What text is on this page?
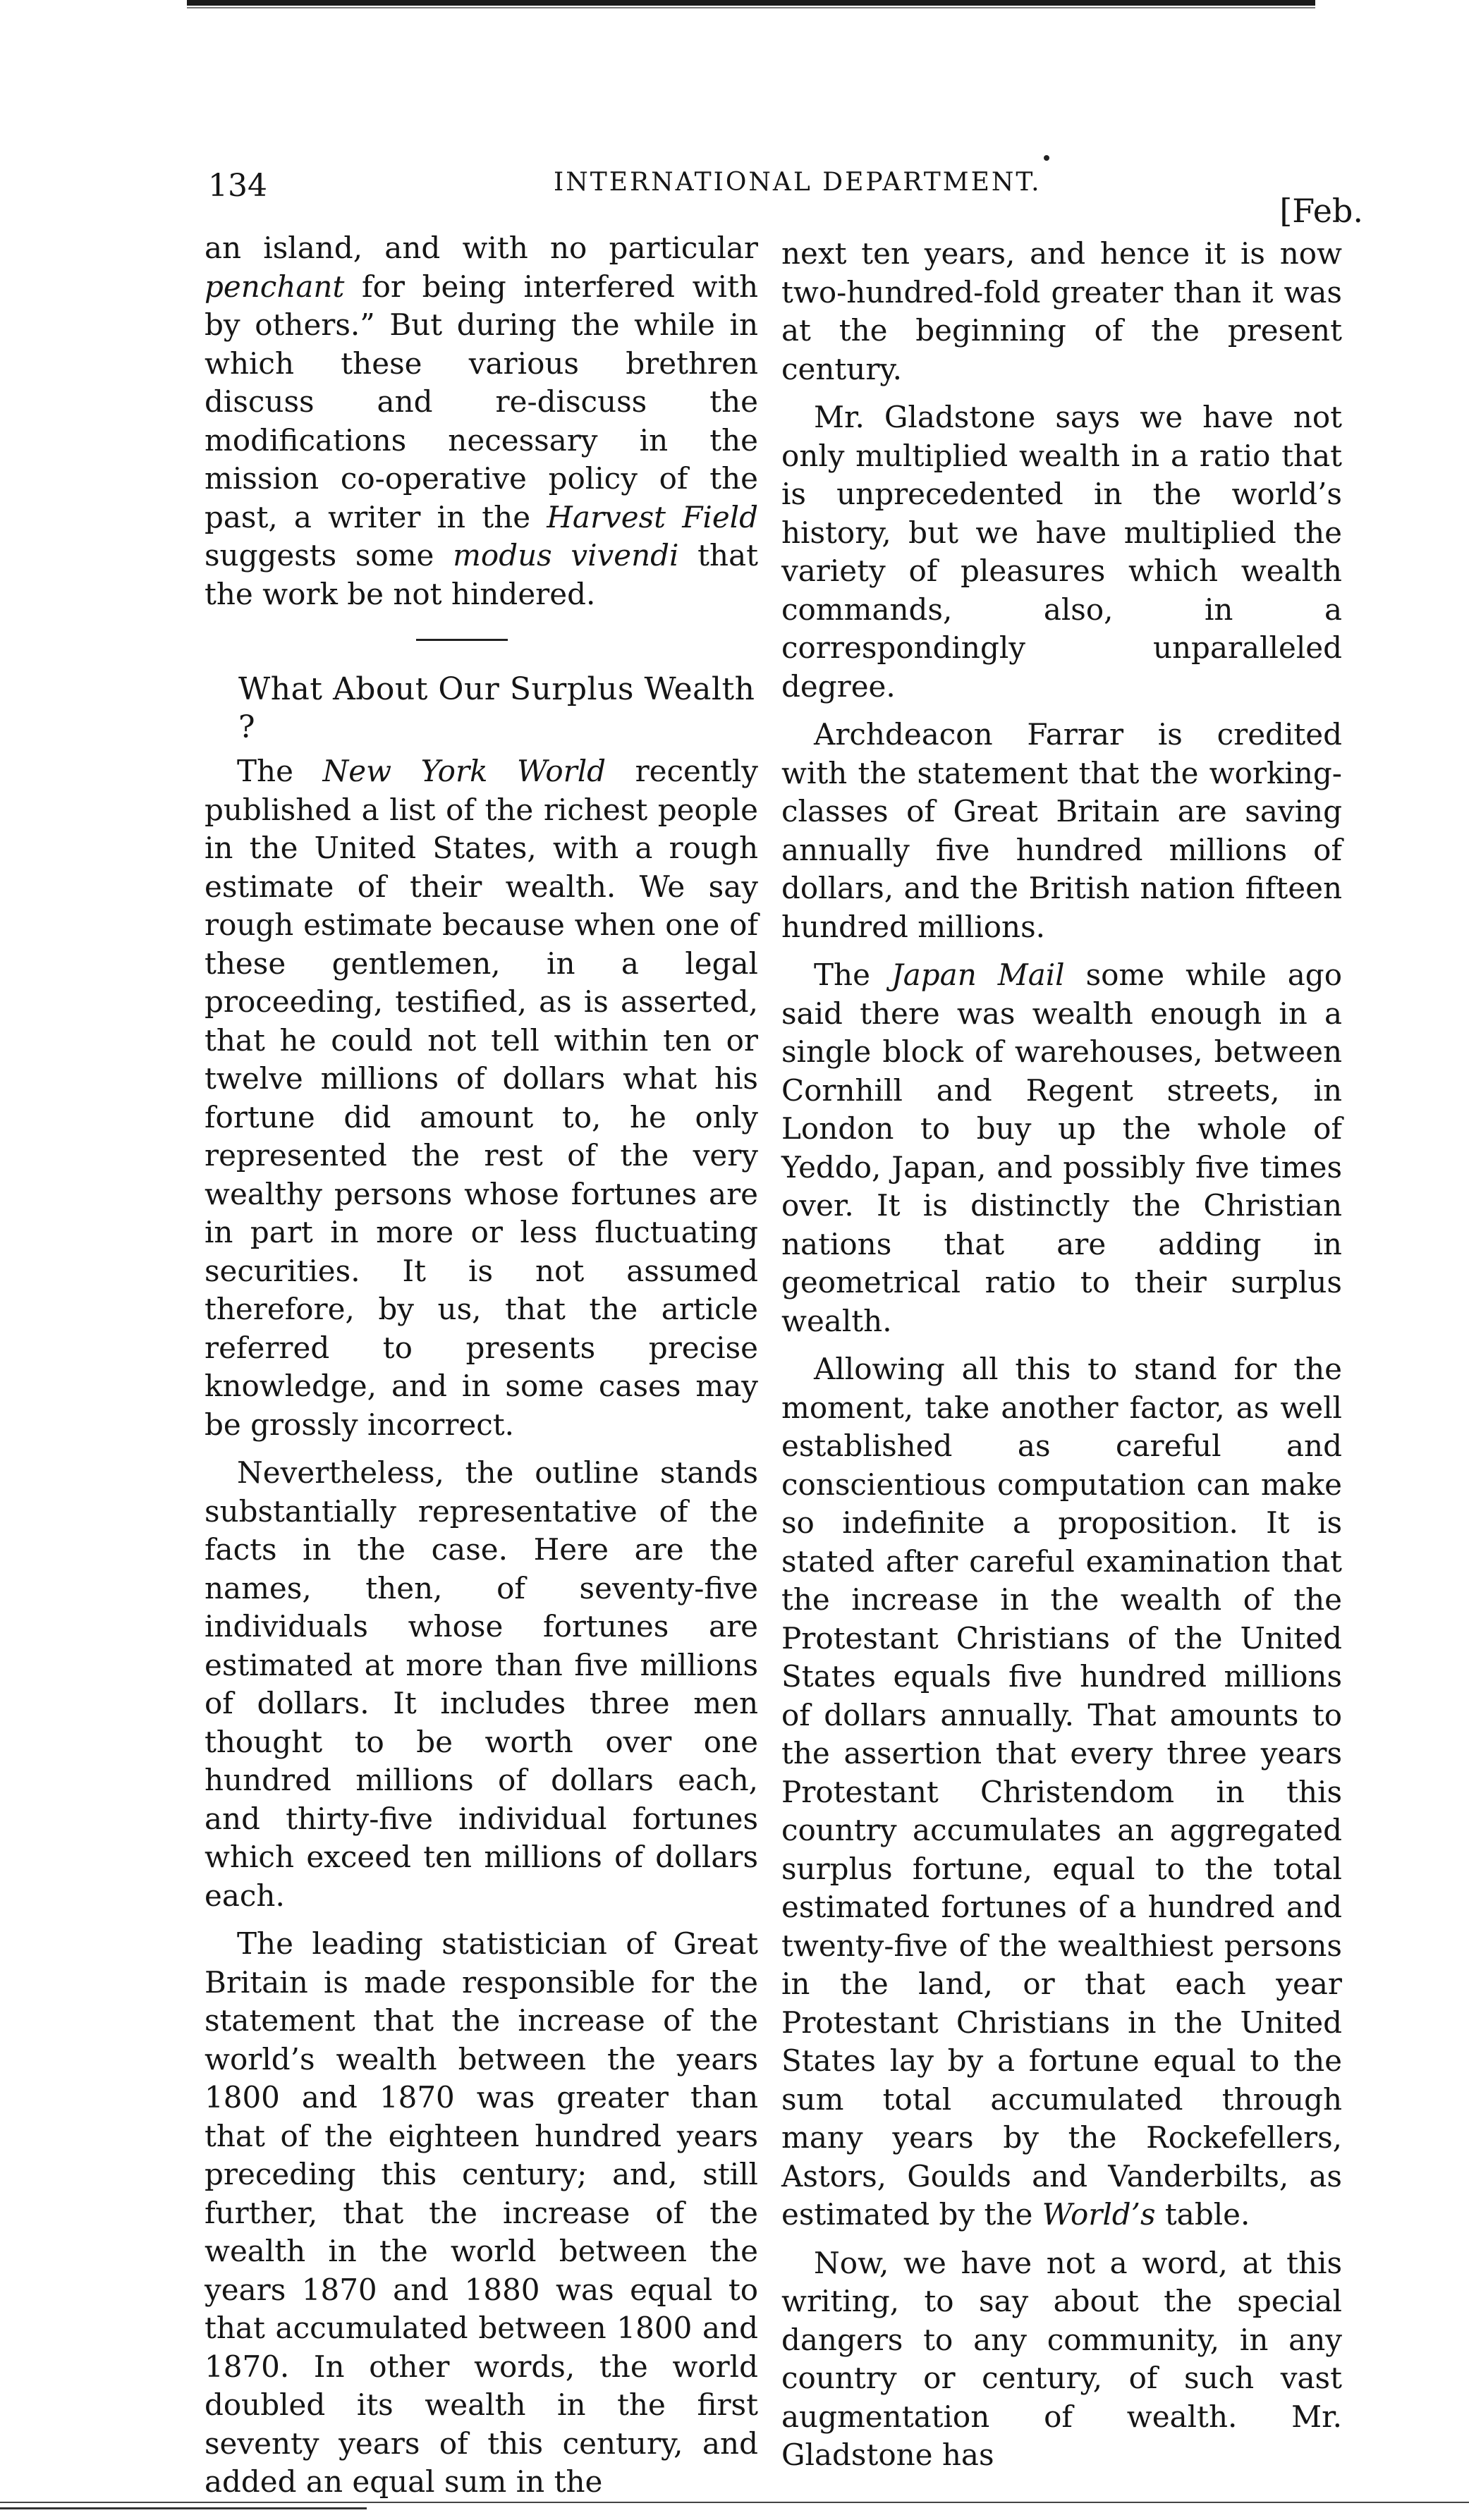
134	INTERNATIONAL DEPARTMENT.
[Feb.

an island, and with no particular penchant for being interfered with by others.” But during the while in which these various brethren discuss and re-discuss the modifications necessary in the mission co-operative policy of the past, a writer in the Harvest Field suggests some modus vivendi that the work be not hindered.

What About Our Surplus Wealth ?

The New York World recently published a list of the richest people in the United States, with a rough estimate of their wealth. We say rough estimate because when one of these gentlemen, in a legal proceeding, testified, as is asserted, that he could not tell within ten or twelve millions of dollars what his fortune did amount to, he only represented the rest of the very wealthy persons whose fortunes are in part in more or less fluctuating securities. It is not assumed therefore, by us, that the article referred to presents precise knowledge, and in some cases may be grossly incorrect.

Nevertheless, the outline stands substantially representative of the facts in the case. Here are the names, then, of seventy-five individuals whose fortunes are estimated at more than five millions of dollars. It includes three men thought to be worth over one hundred millions of dollars each, and thirty-five individual fortunes which exceed ten millions of dollars each.

The leading statistician of Great Britain is made responsible for the statement that the increase of the world’s wealth between the years 1800 and 1870 was greater than that of the eighteen hundred years preceding this century; and, still further, that the increase of the wealth in the world between the years 1870 and 1880 was equal to that accumulated between 1800 and 1870. In other words, the world doubled its wealth in the first seventy years of this century, and added an equal sum in the

next ten years, and hence it is now two-hundred-fold greater than it was at the beginning of the present century.

Mr. Gladstone says we have not only multiplied wealth in a ratio that is unprecedented in the world’s history, but we have multiplied the variety of pleasures which wealth commands, also, in a correspondingly unparalleled degree.

Archdeacon Farrar is credited with the statement that the working-classes of Great Britain are saving annually five hundred millions of dollars, and the British nation fifteen hundred millions.

The Japan Mail some while ago said there was wealth enough in a single block of warehouses, between Cornhill and Regent streets, in London to buy up the whole of Yeddo, Japan, and possibly five times over. It is distinctly the Christian nations that are adding in geometrical ratio to their surplus wealth.

Allowing all this to stand for the moment, take another factor, as well established as careful and conscientious computation can make so indefinite a proposition. It is stated after careful examination that the increase in the wealth of the Protestant Christians of the United States equals five hundred millions of dollars annually. That amounts to the assertion that every three years Protestant Christendom in this country accumulates an aggregated surplus fortune, equal to the total estimated fortunes of a hundred and twenty-five of the wealthiest persons in the land, or that each year Protestant Christians in the United States lay by a fortune equal to the sum total accumulated through many years by the Rockefellers, Astors, Goulds and Vanderbilts, as estimated by the World’s table.

Now, we have not a word, at this writing, to say about the special dangers to any community, in any country or century, of such vast augmentation of wealth. Mr. Gladstone has
